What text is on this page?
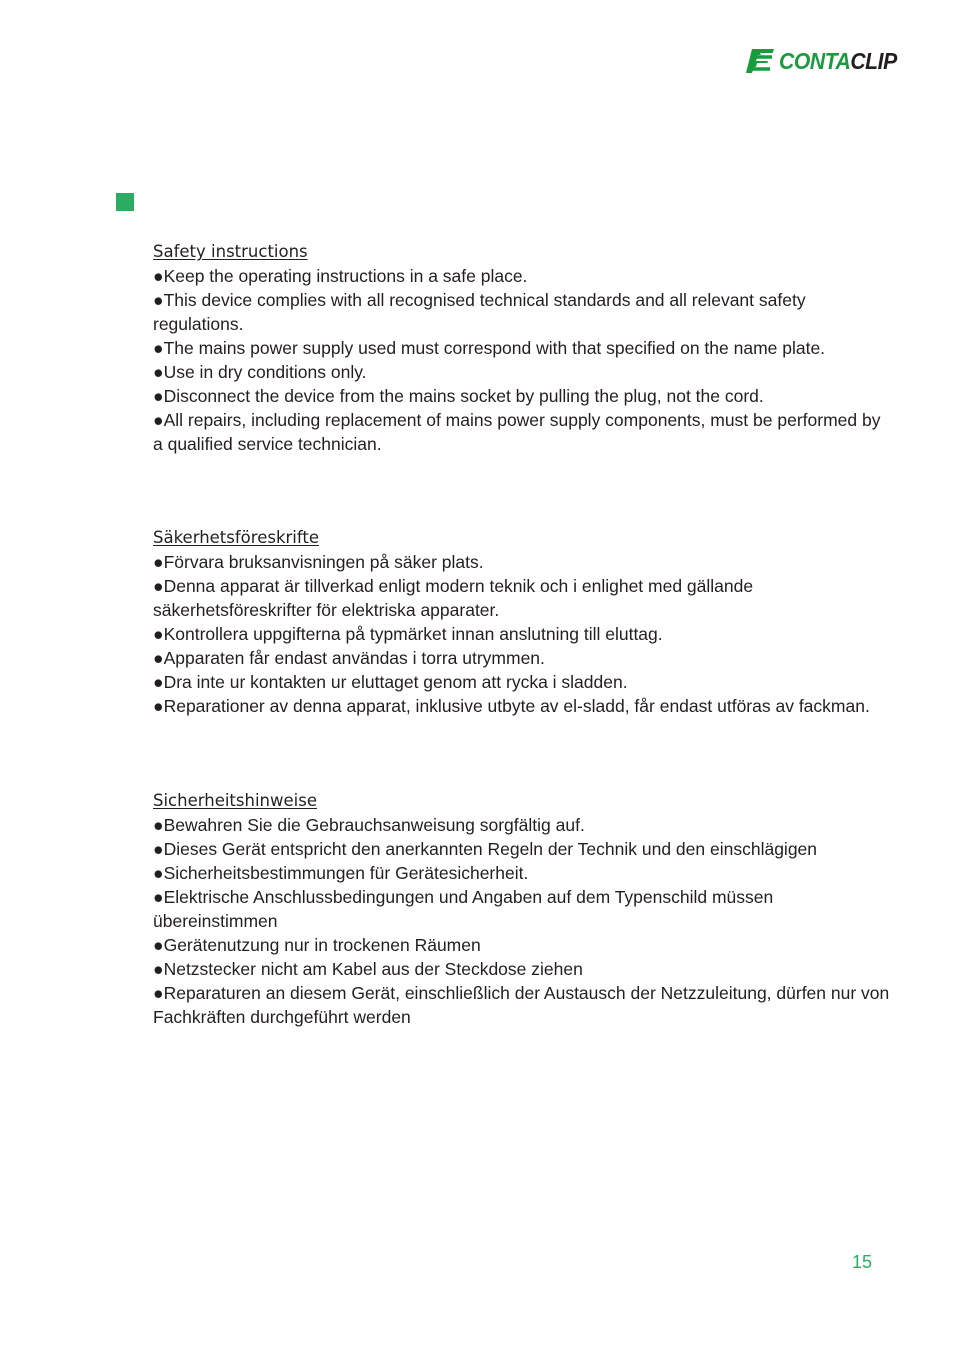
CONTACLIP
Safety instructions

●Keep the operating instructions in a safe place.

●This device complies with all recognised technical standards and all relevant safety regulations.

●The mains power supply used must correspond with that specified on the name plate.

●Use in dry conditions only.

●Disconnect the device from the mains socket by pulling the plug, not the cord.

●All repairs, including replacement of mains power supply components, must be performed by a qualified service technician.

Säkerhetsföreskrifte

●Förvara bruksanvisningen på säker plats.

●Denna apparat är tillverkad enligt modern teknik och i enlighet med gällande säkerhetsföreskrifter för elektriska apparater.

●Kontrollera uppgifterna på typmärket innan anslutning till eluttag.

●Apparaten får endast användas i torra utrymmen.

●Dra inte ur kontakten ur eluttaget genom att rycka i sladden.

●Reparationer av denna apparat, inklusive utbyte av el-sladd, får endast utföras av fackman.

Sicherheitshinweise

●Bewahren Sie die Gebrauchsanweisung sorgfältig auf.

●Dieses Gerät entspricht den anerkannten Regeln der Technik und den einschlägigen

●Sicherheitsbestimmungen für Gerätesicherheit.

●Elektrische Anschlussbedingungen und Angaben auf dem Typenschild müssen übereinstimmen

●Gerätenutzung nur in trockenen Räumen

●Netzstecker nicht am Kabel aus der Steckdose ziehen

●Reparaturen an diesem Gerät, einschließlich der Austausch der Netzzuleitung, dürfen nur von Fachkräften durchgeführt werden

15
